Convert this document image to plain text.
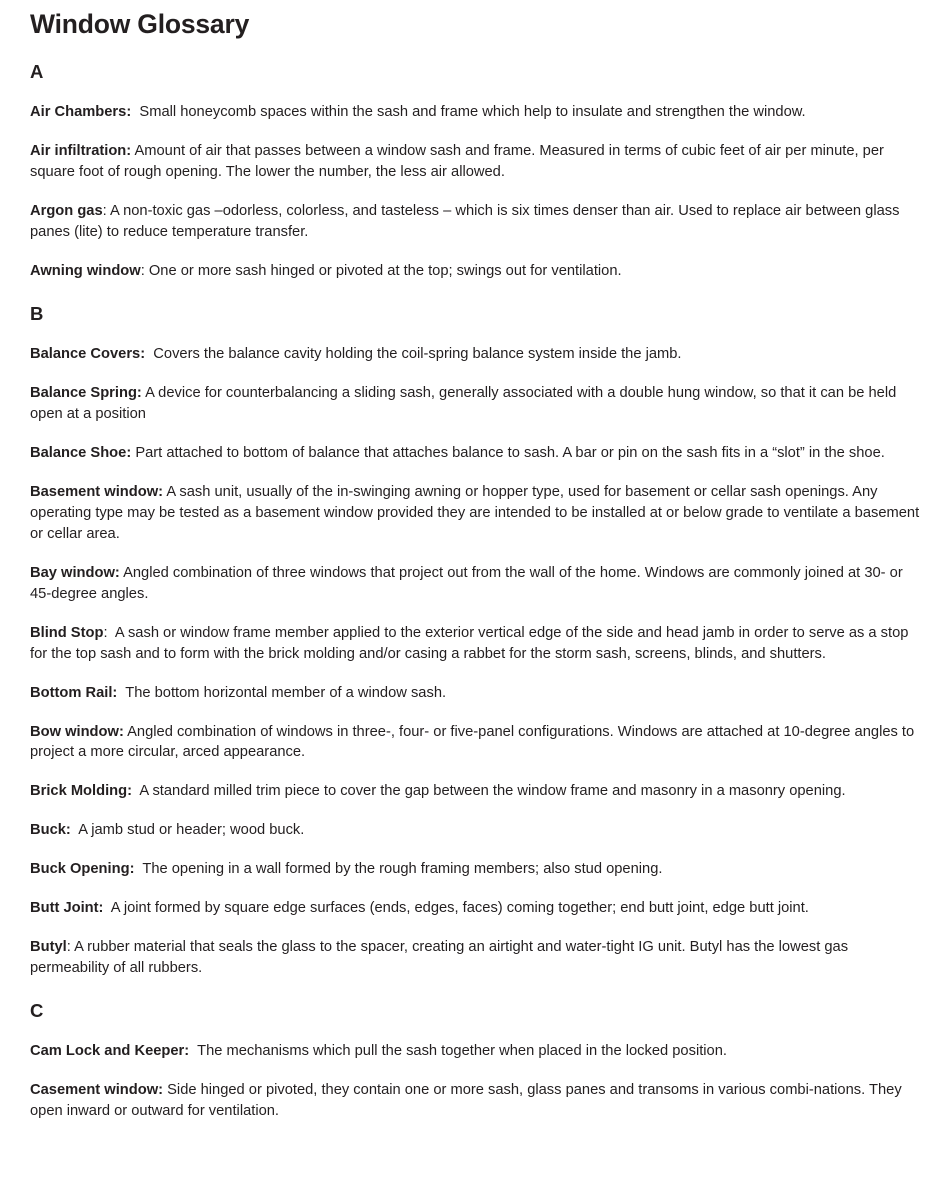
Window Glossary
A

Air Chambers: Small honeycomb spaces within the sash and frame which help to insulate and strengthen the window.

Air infiltration: Amount of air that passes between a window sash and frame. Measured in terms of cubic feet of air per minute, per square foot of rough opening. The lower the number, the less air allowed.

Argon gas: A non-toxic gas –odorless, colorless, and tasteless – which is six times denser than air. Used to replace air between glass panes (lite) to reduce temperature transfer.

Awning window: One or more sash hinged or pivoted at the top; swings out for ventilation.

B

Balance Covers: Covers the balance cavity holding the coil-spring balance system inside the jamb.

Balance Spring: A device for counterbalancing a sliding sash, generally associated with a double hung window, so that it can be held open at a position

Balance Shoe: Part attached to bottom of balance that attaches balance to sash. A bar or pin on the sash fits in a “slot” in the shoe.

Basement window: A sash unit, usually of the in-swinging awning or hopper type, used for basement or cellar sash openings. Any operating type may be tested as a basement window provided they are intended to be installed at or below grade to ventilate a basement or cellar area.

Bay window: Angled combination of three windows that project out from the wall of the home. Windows are commonly joined at 30- or 45-degree angles.

Blind Stop: A sash or window frame member applied to the exterior vertical edge of the side and head jamb in order to serve as a stop for the top sash and to form with the brick molding and/or casing a rabbet for the storm sash, screens, blinds, and shutters.

Bottom Rail: The bottom horizontal member of a window sash.

Bow window: Angled combination of windows in three-, four- or five-panel configurations. Windows are attached at 10-degree angles to project a more circular, arced appearance.

Brick Molding: A standard milled trim piece to cover the gap between the window frame and masonry in a masonry opening.

Buck: A jamb stud or header; wood buck.

Buck Opening: The opening in a wall formed by the rough framing members; also stud opening.

Butt Joint: A joint formed by square edge surfaces (ends, edges, faces) coming together; end butt joint, edge butt joint.

Butyl: A rubber material that seals the glass to the spacer, creating an airtight and water-tight IG unit. Butyl has the lowest gas permeability of all rubbers.

C

Cam Lock and Keeper: The mechanisms which pull the sash together when placed in the locked position.

Casement window: Side hinged or pivoted, they contain one or more sash, glass panes and transoms in various combi-nations. They open inward or outward for ventilation.
